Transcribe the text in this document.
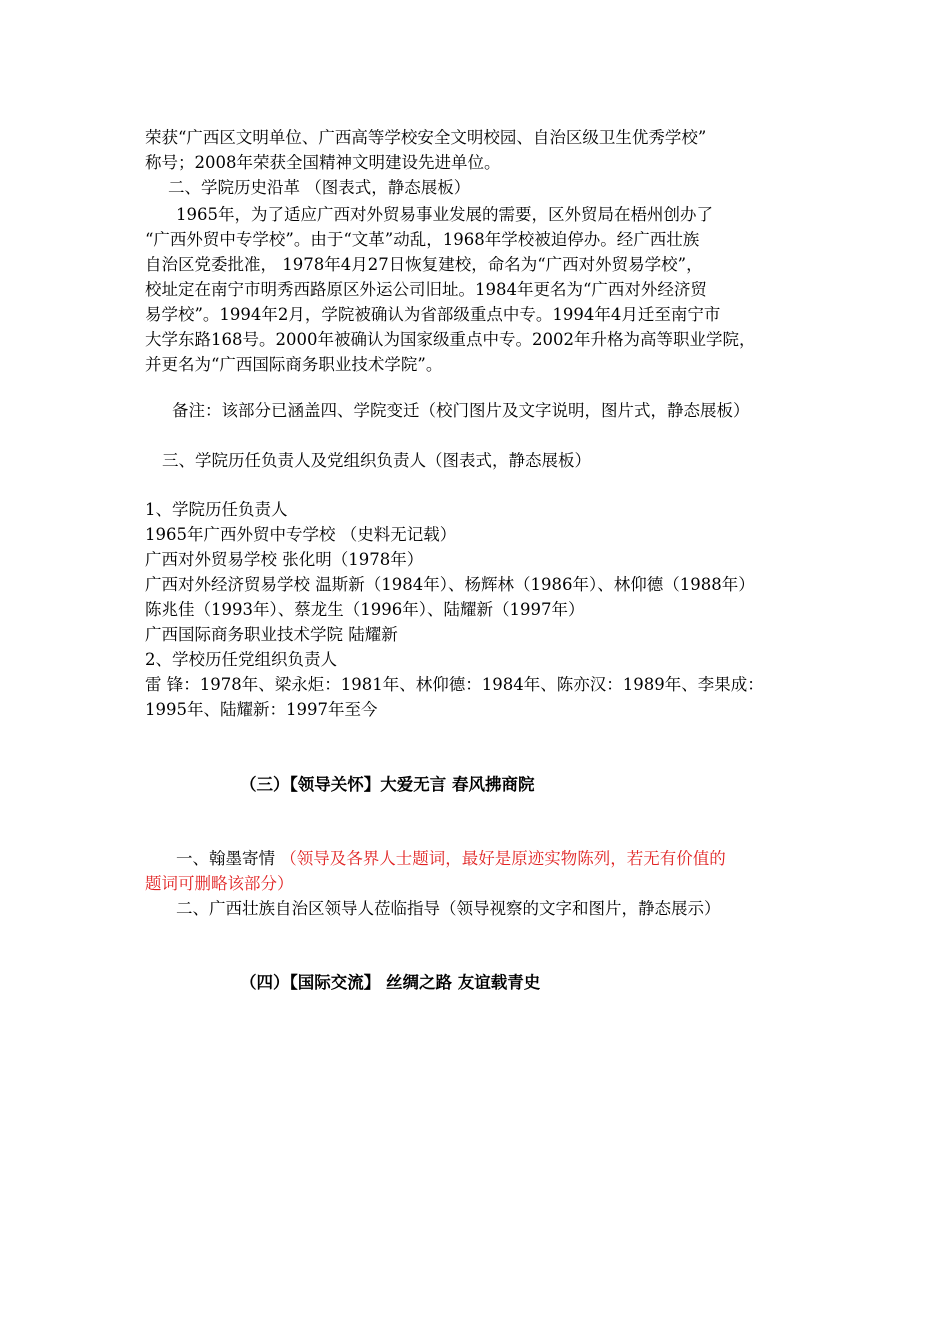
荣获“广西区文明单位、广西高等学校安全文明校园、自治区级卫生优秀学校”
称号；2008年荣获全国精神文明建设先进单位。
二、学院历史沿革 （图表式，静态展板）
1965年，为了适应广西对外贸易事业发展的需要，区外贸局在梧州创办了
“广西外贸中专学校”。由于“文革”动乱，1968年学校被迫停办。经广西壮族
自治区党委批准， 1978年4月27日恢复建校，命名为“广西对外贸易学校”，
校址定在南宁市明秀西路原区外运公司旧址。1984年更名为“广西对外经济贸
易学校”。1994年2月，学院被确认为省部级重点中专。1994年4月迁至南宁市
大学东路168号。2000年被确认为国家级重点中专。2002年升格为高等职业学院，
并更名为“广西国际商务职业技术学院”。
备注：该部分已涵盖四、学院变迁（校门图片及文字说明，图片式，静态展板）
三、学院历任负责人及党组织负责人（图表式，静态展板）
1、学院历任负责人
1965年广西外贸中专学校 （史料无记载）
广西对外贸易学校 张化明（1978年）
广西对外经济贸易学校 温斯新（1984年）、杨辉林（1986年）、林仰德（1988年）
陈兆佳（1993年）、蔡龙生（1996年）、陆耀新（1997年）
广西国际商务职业技术学院 陆耀新
2、学校历任党组织负责人
雷 锋：1978年、梁永炬：1981年、林仰德：1984年、陈亦汉：1989年、李果成：
1995年、陆耀新：1997年至今
（三）【领导关怀】大爱无言 春风拂商院
一、翰墨寄情 （领导及各界人士题词，最好是原迹实物陈列，若无有价值的
题词可删略该部分）
二、广西壮族自治区领导人莅临指导（领导视察的文字和图片，静态展示）
（四）【国际交流】 丝绸之路 友谊载青史
